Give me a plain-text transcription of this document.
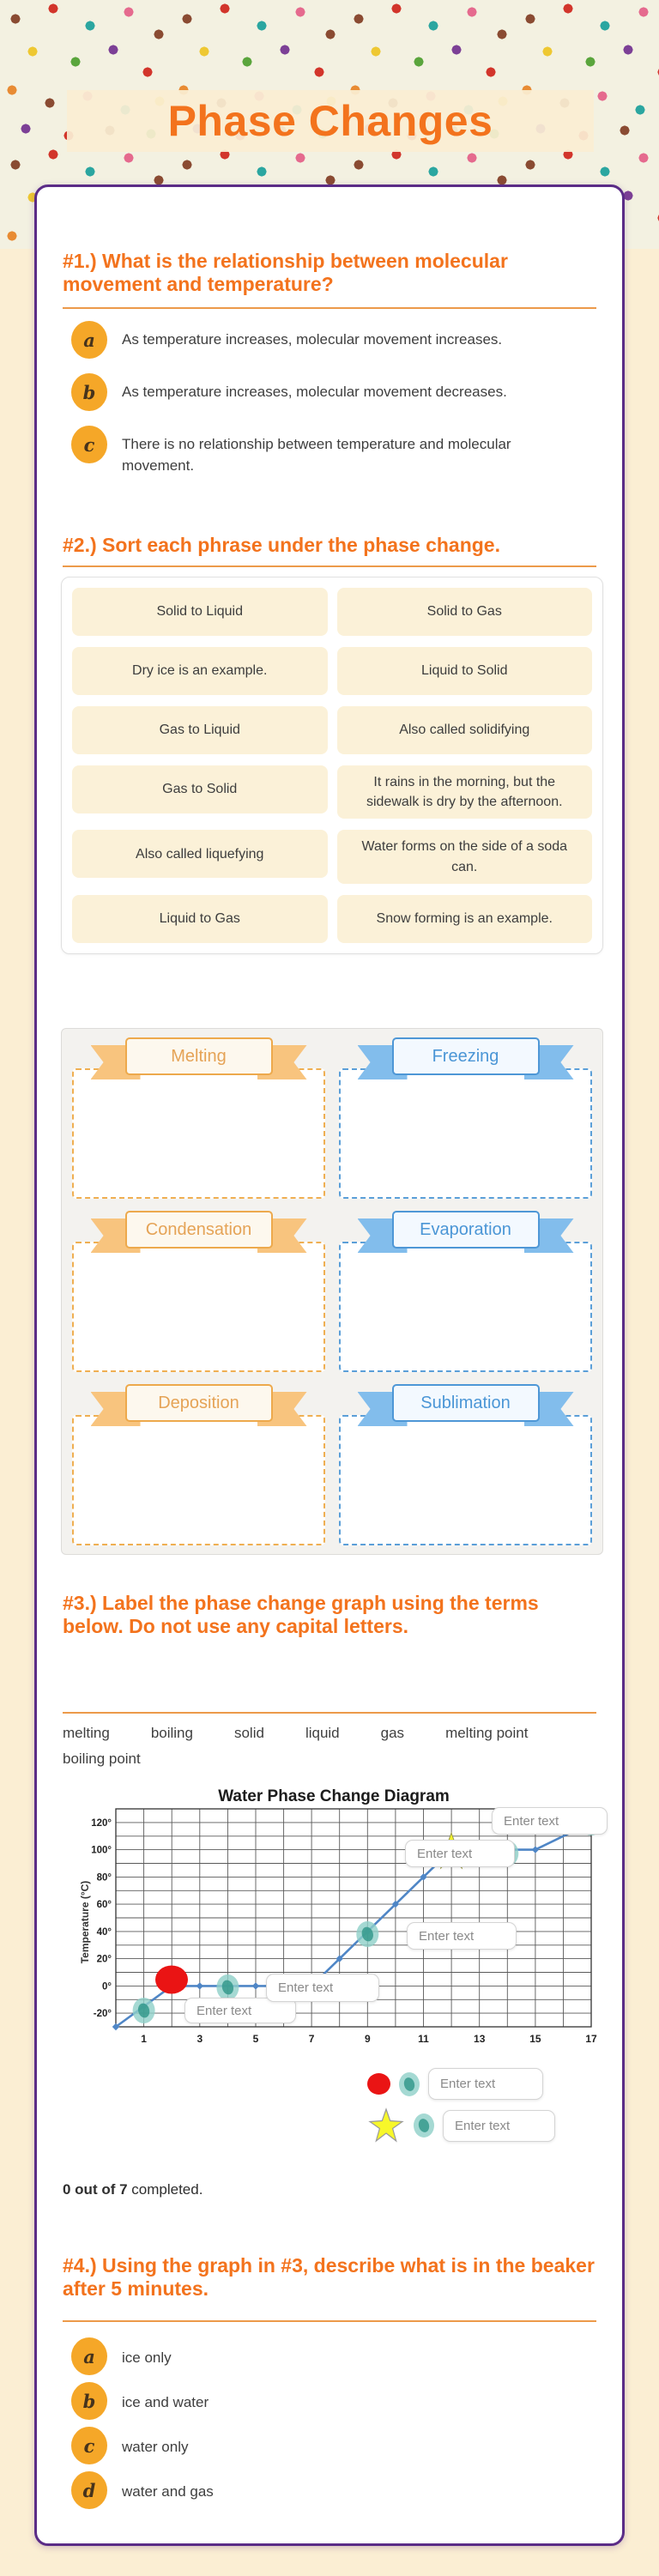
Phase Changes
#1.) What is the relationship between molecular movement and temperature?
a	As temperature increases, molecular movement increases.
b	As temperature increases, molecular movement decreases.
c	There is no relationship between temperature and molecular movement.
#2.) Sort each phrase under the phase change.
Solid to Liquid	Solid to Gas
Dry ice is an example.	Liquid to Solid
Gas to Liquid	Also called solidifying
Gas to Solid	It rains in the morning, but the sidewalk is dry by the afternoon.
Also called liquefying	Water forms on the side of a soda can.
Liquid to Gas	Snow forming is an example.
Melting	Freezing
Condensation	Evaporation
Deposition	Sublimation
#3.) Label the phase change graph using the terms below. Do not use any capital letters.
melting	boiling	solid	liquid	gas	melting point
boiling point
Water Phase Change Diagram
120°
100°
80°
60°
40°
20°
0°
-20°
1	3	5	7	9	11	13	15	17
Temperature (°C)
Enter text
Enter text
Enter text
Enter text
Enter text
Enter text
Enter text
0 out of 7 completed.
#4.) Using the graph in #3, describe what is in the beaker after 5 minutes.
a	ice only
b	ice and water
c	water only
d	water and gas
